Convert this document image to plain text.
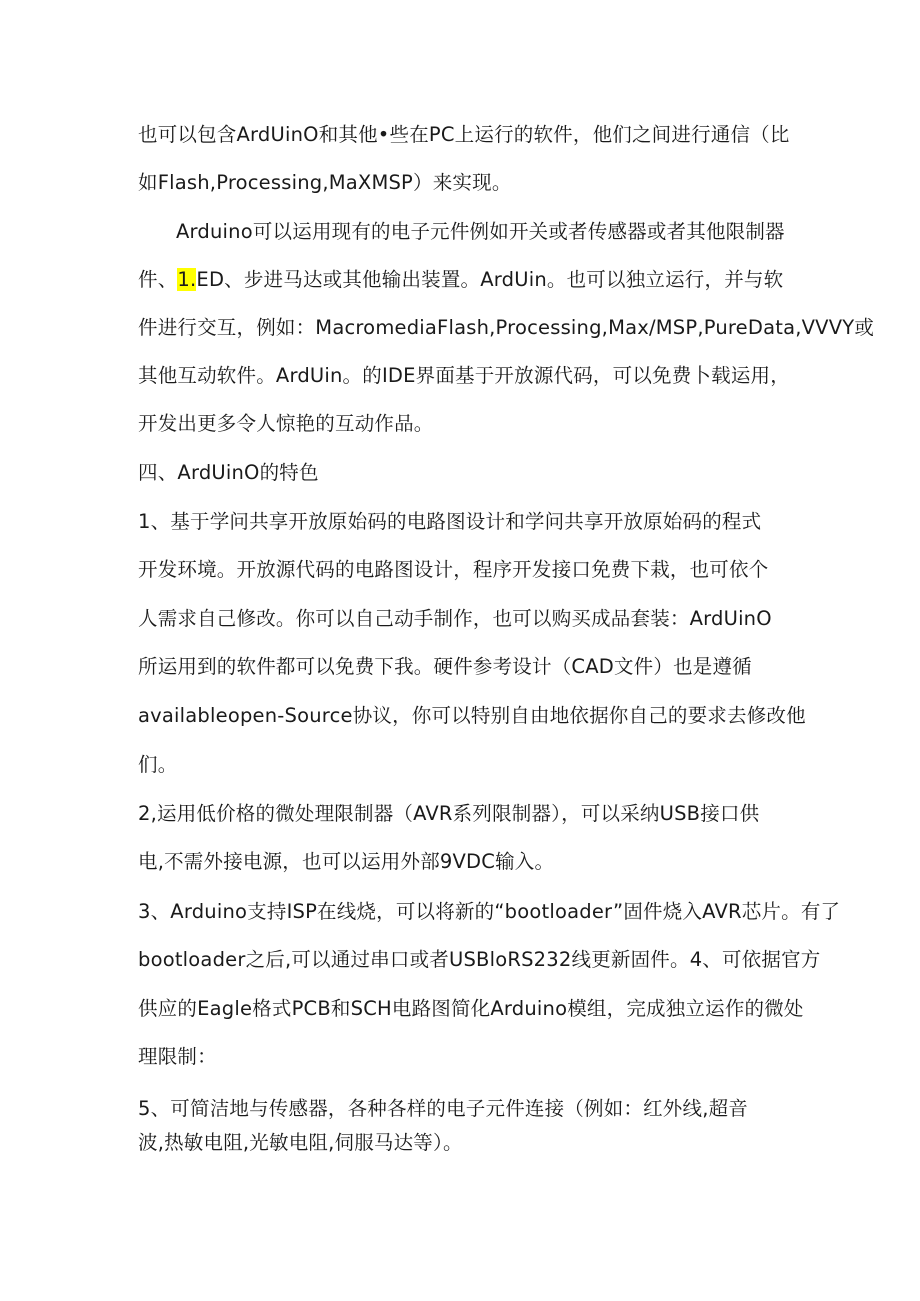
也可以包含ArdUinO和其他•些在PC上运行的软件，他们之间进行通信（比
如Flash,Processing,MaXMSP）来实现。
Arduino可以运用现有的电子元件例如开关或者传感器或者其他限制器
件、1.ED、步进马达或其他输出装置。ArdUin。也可以独立运行，并与软
件进行交互，例如：MacromediaFlash,Processing,Max/MSP,PureData,VVVY或
其他互动软件。ArdUin。的IDE界面基于开放源代码，可以免费卜载运用，
开发出更多令人惊艳的互动作品。
四、ArdUinO的特色
1、基于学问共享开放原始码的电路图设计和学问共享开放原始码的程式
开发环境。开放源代码的电路图设计，程序开发接口免费下栽，也可依个
人需求自己修改。你可以自己动手制作，也可以购买成品套装：ArdUinO
所运用到的软件都可以免费下我。硬件参考设计（CAD文件）也是遵循
availableopen-Source协议，你可以特别自由地依据你自己的要求去修改他
们。
2,运用低价格的微处理限制器（AVR系列限制器），可以采纳USB接口供
电,不需外接电源，也可以运用外部9VDC输入。
3、Arduino支持ISP在线烧，可以将新的“bootloader”固件烧入AVR芯片。有了
bootloader之后,可以通过串口或者USBloRS232线更新固件。4、可依据官方
供应的Eagle格式PCB和SCH电路图简化Arduino模组，完成独立运作的微处
理限制：
5、可简洁地与传感器，各种各样的电子元件连接（例如：红外线,超音
波,热敏电阻,光敏电阻,伺服马达等）。
